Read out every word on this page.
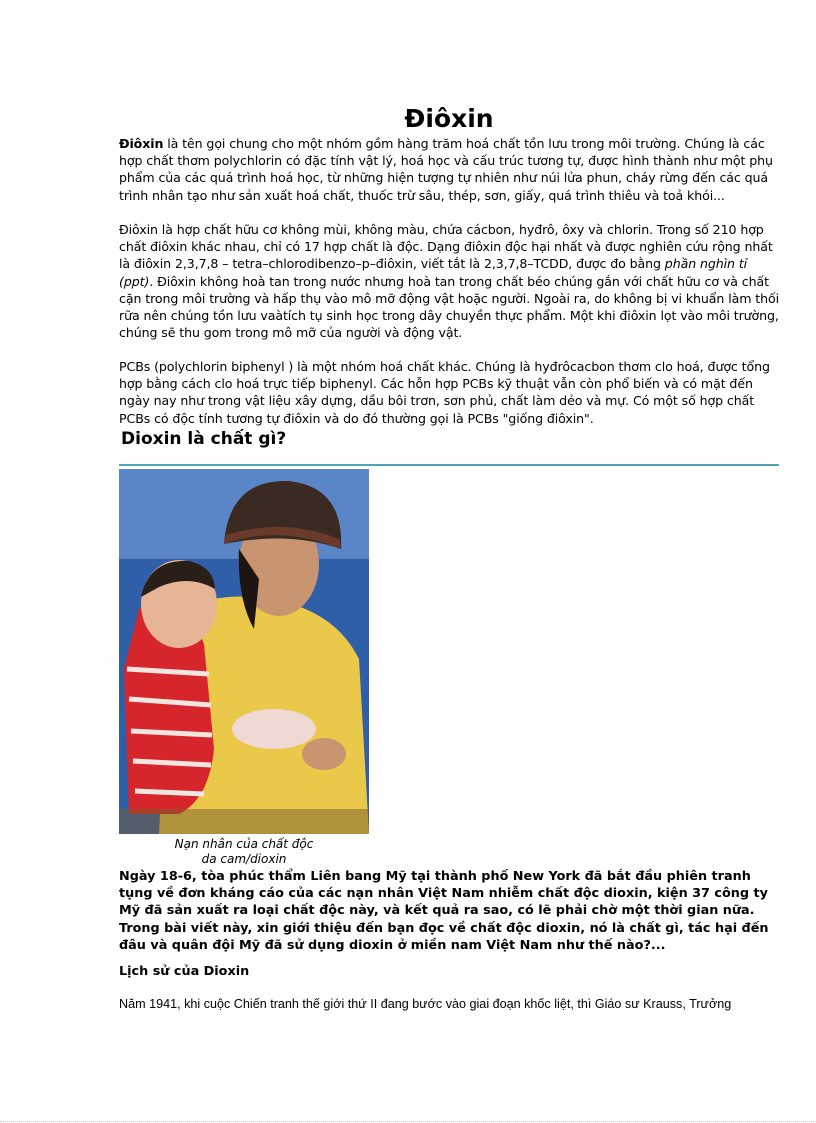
Điôxin

Điôxin là tên gọi chung cho một nhóm gồm hàng trăm hoá chất tồn lưu trong môi trường. Chúng là các hợp chất thơm polychlorin có đặc tính vật lý, hoá học và cấu trúc tương tự, được hình thành như một phụ phẩm của các quá trình hoá học, từ những hiện tượng tự nhiên như núi lửa phun, cháy rừng đến các quá trình nhân tạo như sản xuất hoá chất, thuốc trừ sâu, thép, sơn, giấy, quá trình thiêu và toả khói...

Điôxin là hợp chất hữu cơ không mùi, không màu, chứa cácbon, hyđrô, ôxy và chlorin. Trong số 210 hợp chất điôxin khác nhau, chỉ có 17 hợp chất là độc. Dạng điôxin độc hại nhất và được nghiên cứu rộng nhất là điôxin 2,3,7,8 – tetra–chlorodibenzo–p–điôxin, viết tắt là 2,3,7,8–TCDD, được đo bằng phần nghìn tỉ (ppt). Điôxin không hoà tan trong nước nhưng hoà tan trong chất béo chúng gắn với chất hữu cơ và chất cặn trong môi trường và hấp thụ vào mô mỡ động vật hoặc người. Ngoài ra, do không bị vi khuẩn làm thối rữa nên chúng tồn lưu vaàtích tụ sinh học trong dây chuyền thực phẩm. Một khi điôxin lọt vào môi trường, chúng sẽ thu gom trong mô mỡ của người và động vật.

PCBs (polychlorin biphenyl ) là một nhóm hoá chất khác. Chúng là hyđrôcacbon thơm clo hoá, được tổng hợp bằng cách clo hoá trực tiếp biphenyl. Các hỗn hợp PCBs kỹ thuật vẫn còn phổ biến và có mặt đến ngày nay như trong vật liệu xây dựng, dầu bôi trơn, sơn phủ, chất làm dẻo và mự. Có một số hợp chất PCBs có độc tính tương tự điôxin và do đó thường gọi là PCBs "giống điôxin".

Dioxin là chất gì?
Nạn nhân của chất độc
da cam/dioxin

Ngày 18-6, tòa phúc thẩm Liên bang Mỹ tại thành phố New York đã bắt đầu phiên tranh tụng về đơn kháng cáo của các nạn nhân Việt Nam nhiễm chất độc dioxin, kiện 37 công ty Mỹ đã sản xuất ra loại chất độc này, và kết quả ra sao, có lẽ phải chờ một thời gian nữa. Trong bài viết này, xin giới thiệu đến bạn đọc về chất độc dioxin, nó là chất gì, tác hại đến đâu và quân đội Mỹ đã sử dụng dioxin ở miền nam Việt Nam như thế nào?...

Lịch sử của Dioxin

Năm 1941, khi cuộc Chiến tranh thế giới thứ II đang bước vào giai đoạn khốc liệt, thì Giáo sư Krauss, Trưởng
